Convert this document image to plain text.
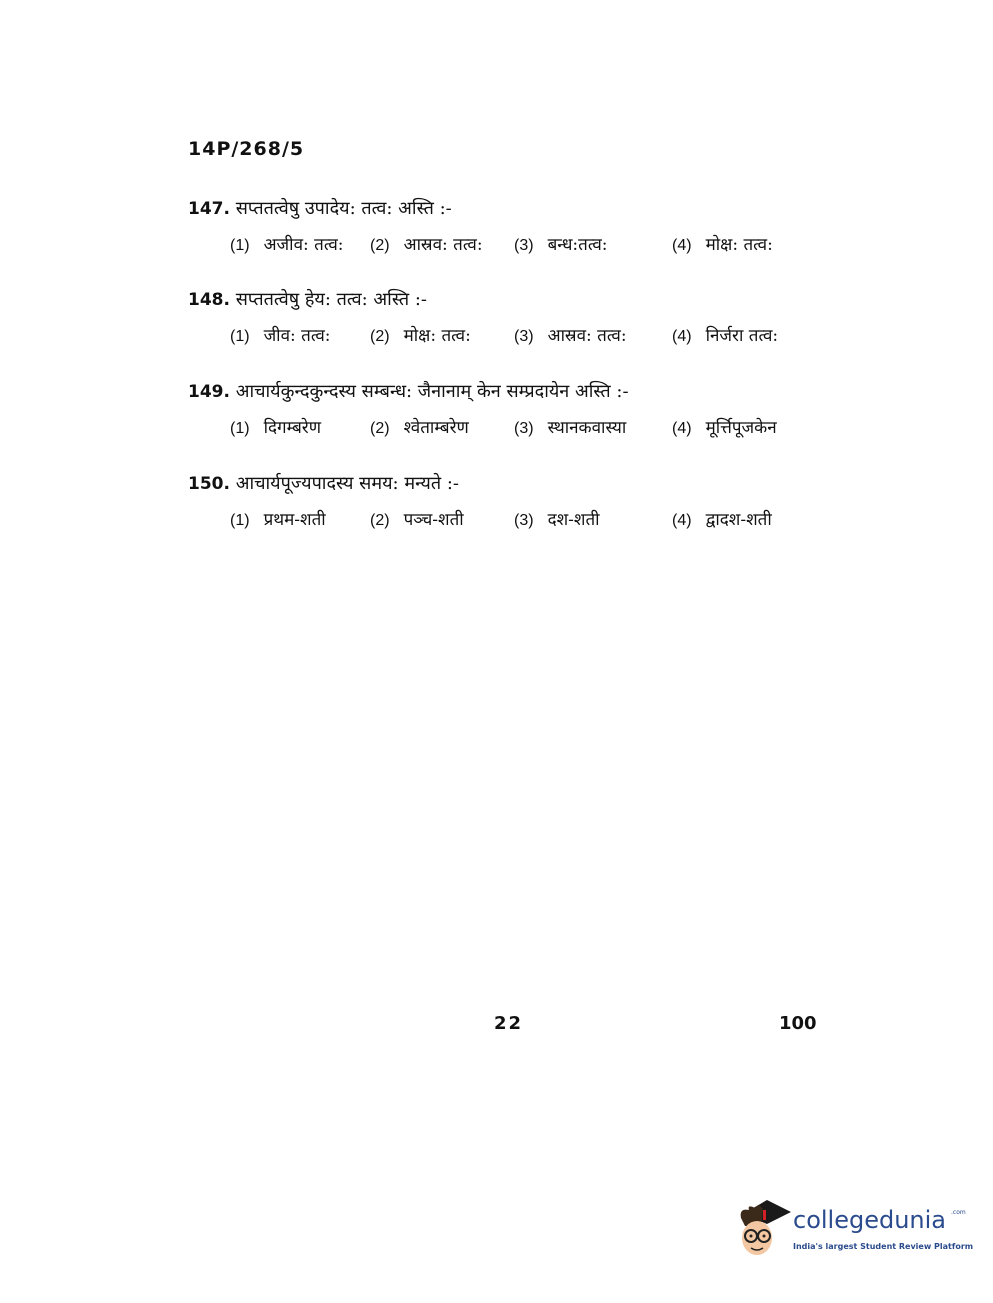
14P/268/5
147. सप्ततत्वेषु उपादेय: तत्व: अस्ति :-
(1) अजीव: तत्व: (2) आस्रव: तत्व: (3) बन्ध:तत्व:	(4) मोक्ष: तत्व:
148. सप्ततत्वेषु हेय: तत्व: अस्ति :-
(1) जीव: तत्व: (2) मोक्ष: तत्व:	(3) आस्रव: तत्व:	(4) निर्जरा तत्व:
149. आचार्यकुन्दकुन्दस्य सम्बन्ध: जैनानाम् केन सम्प्रदायेन अस्ति :-
(1) दिगम्बरेण	(2) श्वेताम्बरेण	(3) स्थानकवास्या	(4) मूर्त्तिपूजकेन
150. आचार्यपूज्यपादस्य समय: मन्यते :-
(1) प्रथम-शती	(2) पञ्च-शती	(3) दश-शती	(4) द्वादश-शती
22	100
collegedunia .com
India's largest Student Review Platform
